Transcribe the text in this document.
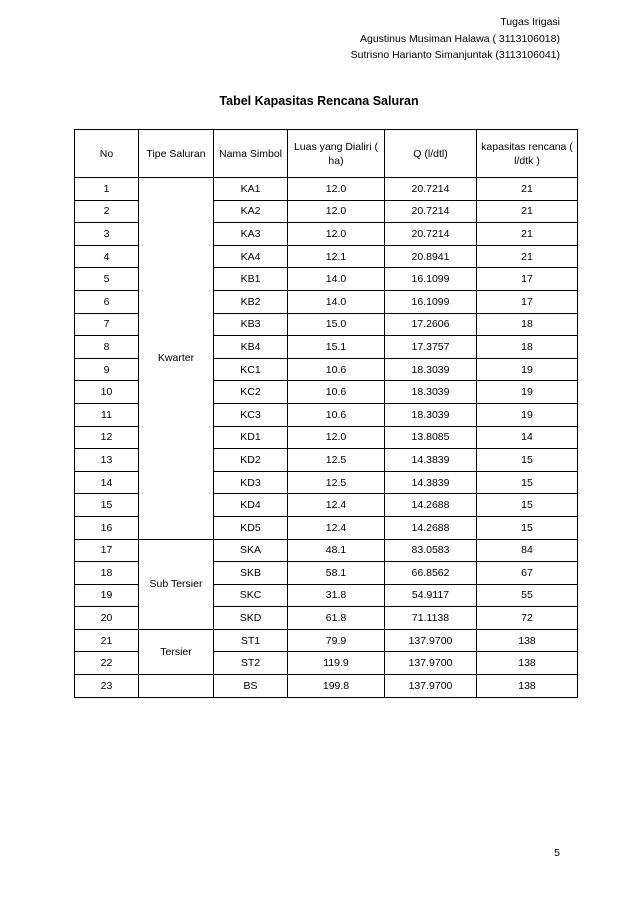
Tugas Irigasi
Agustinus Musiman Halawa ( 3113106018)
Sutrisno Harianto Simanjuntak (3113106041)
Tabel Kapasitas Rencana Saluran
No	Tipe Saluran	Nama Simbol	Luas yang Dialiri ( ha)	Q (l/dtl)	kapasitas rencana ( l/dtk )
1	Kwarter	KA1	12.0	20.7214	21
2		KA2	12.0	20.7214	21
3		KA3	12.0	20.7214	21
4		KA4	12.1	20.8941	21
5		KB1	14.0	16.1099	17
6		KB2	14.0	16.1099	17
7		KB3	15.0	17.2606	18
8		KB4	15.1	17.3757	18
9		KC1	10.6	18.3039	19
10		KC2	10.6	18.3039	19
11		KC3	10.6	18.3039	19
12		KD1	12.0	13.8085	14
13		KD2	12.5	14.3839	15
14		KD3	12.5	14.3839	15
15		KD4	12.4	14.2688	15
16		KD5	12.4	14.2688	15
17	Sub Tersier	SKA	48.1	83.0583	84
18		SKB	58.1	66.8562	67
19		SKC	31.8	54.9117	55
20		SKD	61.8	71.1138	72
21	Tersier	ST1	79.9	137.9700	138
22		ST2	119.9	137.9700	138
23		BS	199.8	137.9700	138
5
